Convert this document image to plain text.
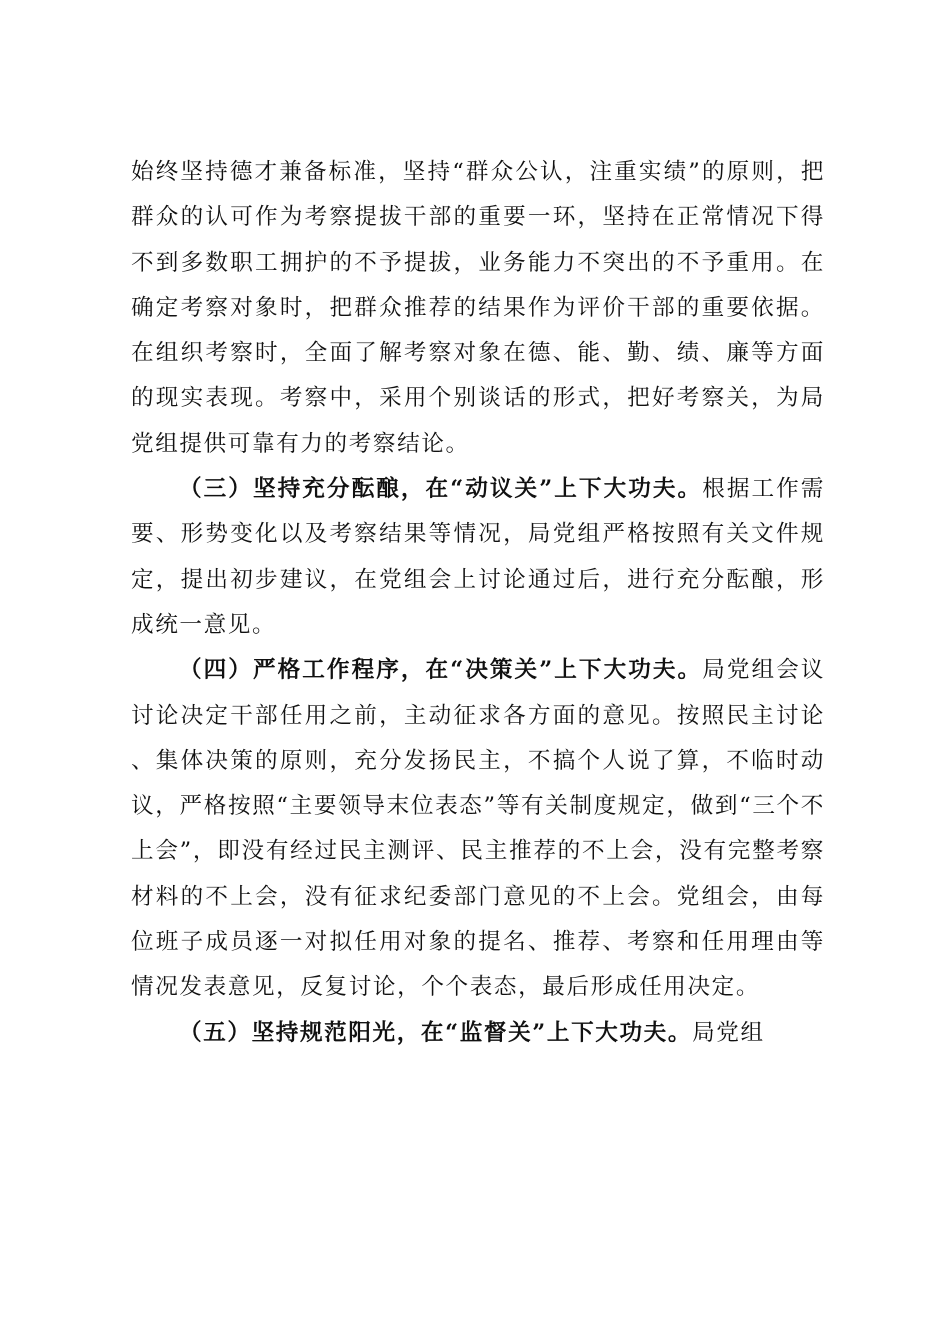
始终坚持德才兼备标准，坚持“群众公认，注重实绩”的原则，把群众的认可作为考察提拔干部的重要一环，坚持在正常情况下得不到多数职工拥护的不予提拔，业务能力不突出的不予重用。在确定考察对象时，把群众推荐的结果作为评价干部的重要依据。在组织考察时，全面了解考察对象在德、能、勤、绩、廉等方面的现实表现。考察中，采用个别谈话的形式，把好考察关，为局党组提供可靠有力的考察结论。

（三）坚持充分酝酿，在“动议关”上下大功夫。根据工作需要、形势变化以及考察结果等情况，局党组严格按照有关文件规定，提出初步建议，在党组会上讨论通过后，进行充分酝酿，形成统一意见。

（四）严格工作程序，在“决策关”上下大功夫。局党组会议讨论决定干部任用之前，主动征求各方面的意见。按照民主讨论、集体决策的原则，充分发扬民主，不搞个人说了算，不临时动议，严格按照“主要领导末位表态”等有关制度规定，做到“三个不上会”，即没有经过民主测评、民主推荐的不上会，没有完整考察材料的不上会，没有征求纪委部门意见的不上会。党组会，由每位班子成员逐一对拟任用对象的提名、推荐、考察和任用理由等情况发表意见，反复讨论，个个表态，最后形成任用决定。

（五）坚持规范阳光，在“监督关”上下大功夫。局党组
